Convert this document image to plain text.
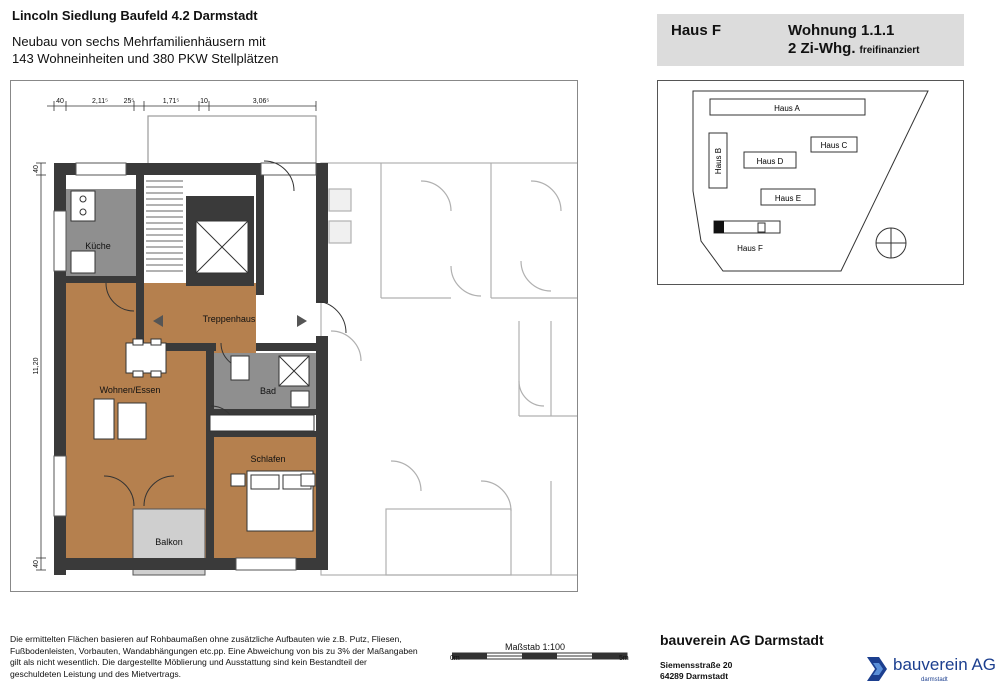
Lincoln Siedlung Baufeld 4.2 Darmstadt
Neubau von sechs Mehrfamilienhäusern mit
143 Wohneinheiten und 380 PKW Stellplätzen
Haus F	Wohnung 1.1.1
2 Zi-Whg. freifinanziert
Haus A
Haus B
Haus C
Haus D
Haus E
Haus F
Küche
Treppenhaus
Wohnen/Essen	Bad
Schlafen
Balkon
40	2,11⁵ 25⁵	1,71⁵	10	3,06⁵
40
11,20
40
Die ermittelten Flächen basieren auf Rohbaumaßen ohne zusätzliche Aufbauten wie z.B. Putz, Fliesen, Fußbodenleisten, Vorbauten, Wandabhängungen etc.pp. Eine Abweichung von bis zu 3% der Maßangaben gilt als nicht wesentlich. Die dargestellte Möblierung und Ausstattung sind kein Bestandteil der geschuldeten Leistung und des Mietvertrags.
Maßstab 1:100
0m	5m
bauverein AG Darmstadt
Siemensstraße 20
64289 Darmstadt
bauverein AG
darmstadt
